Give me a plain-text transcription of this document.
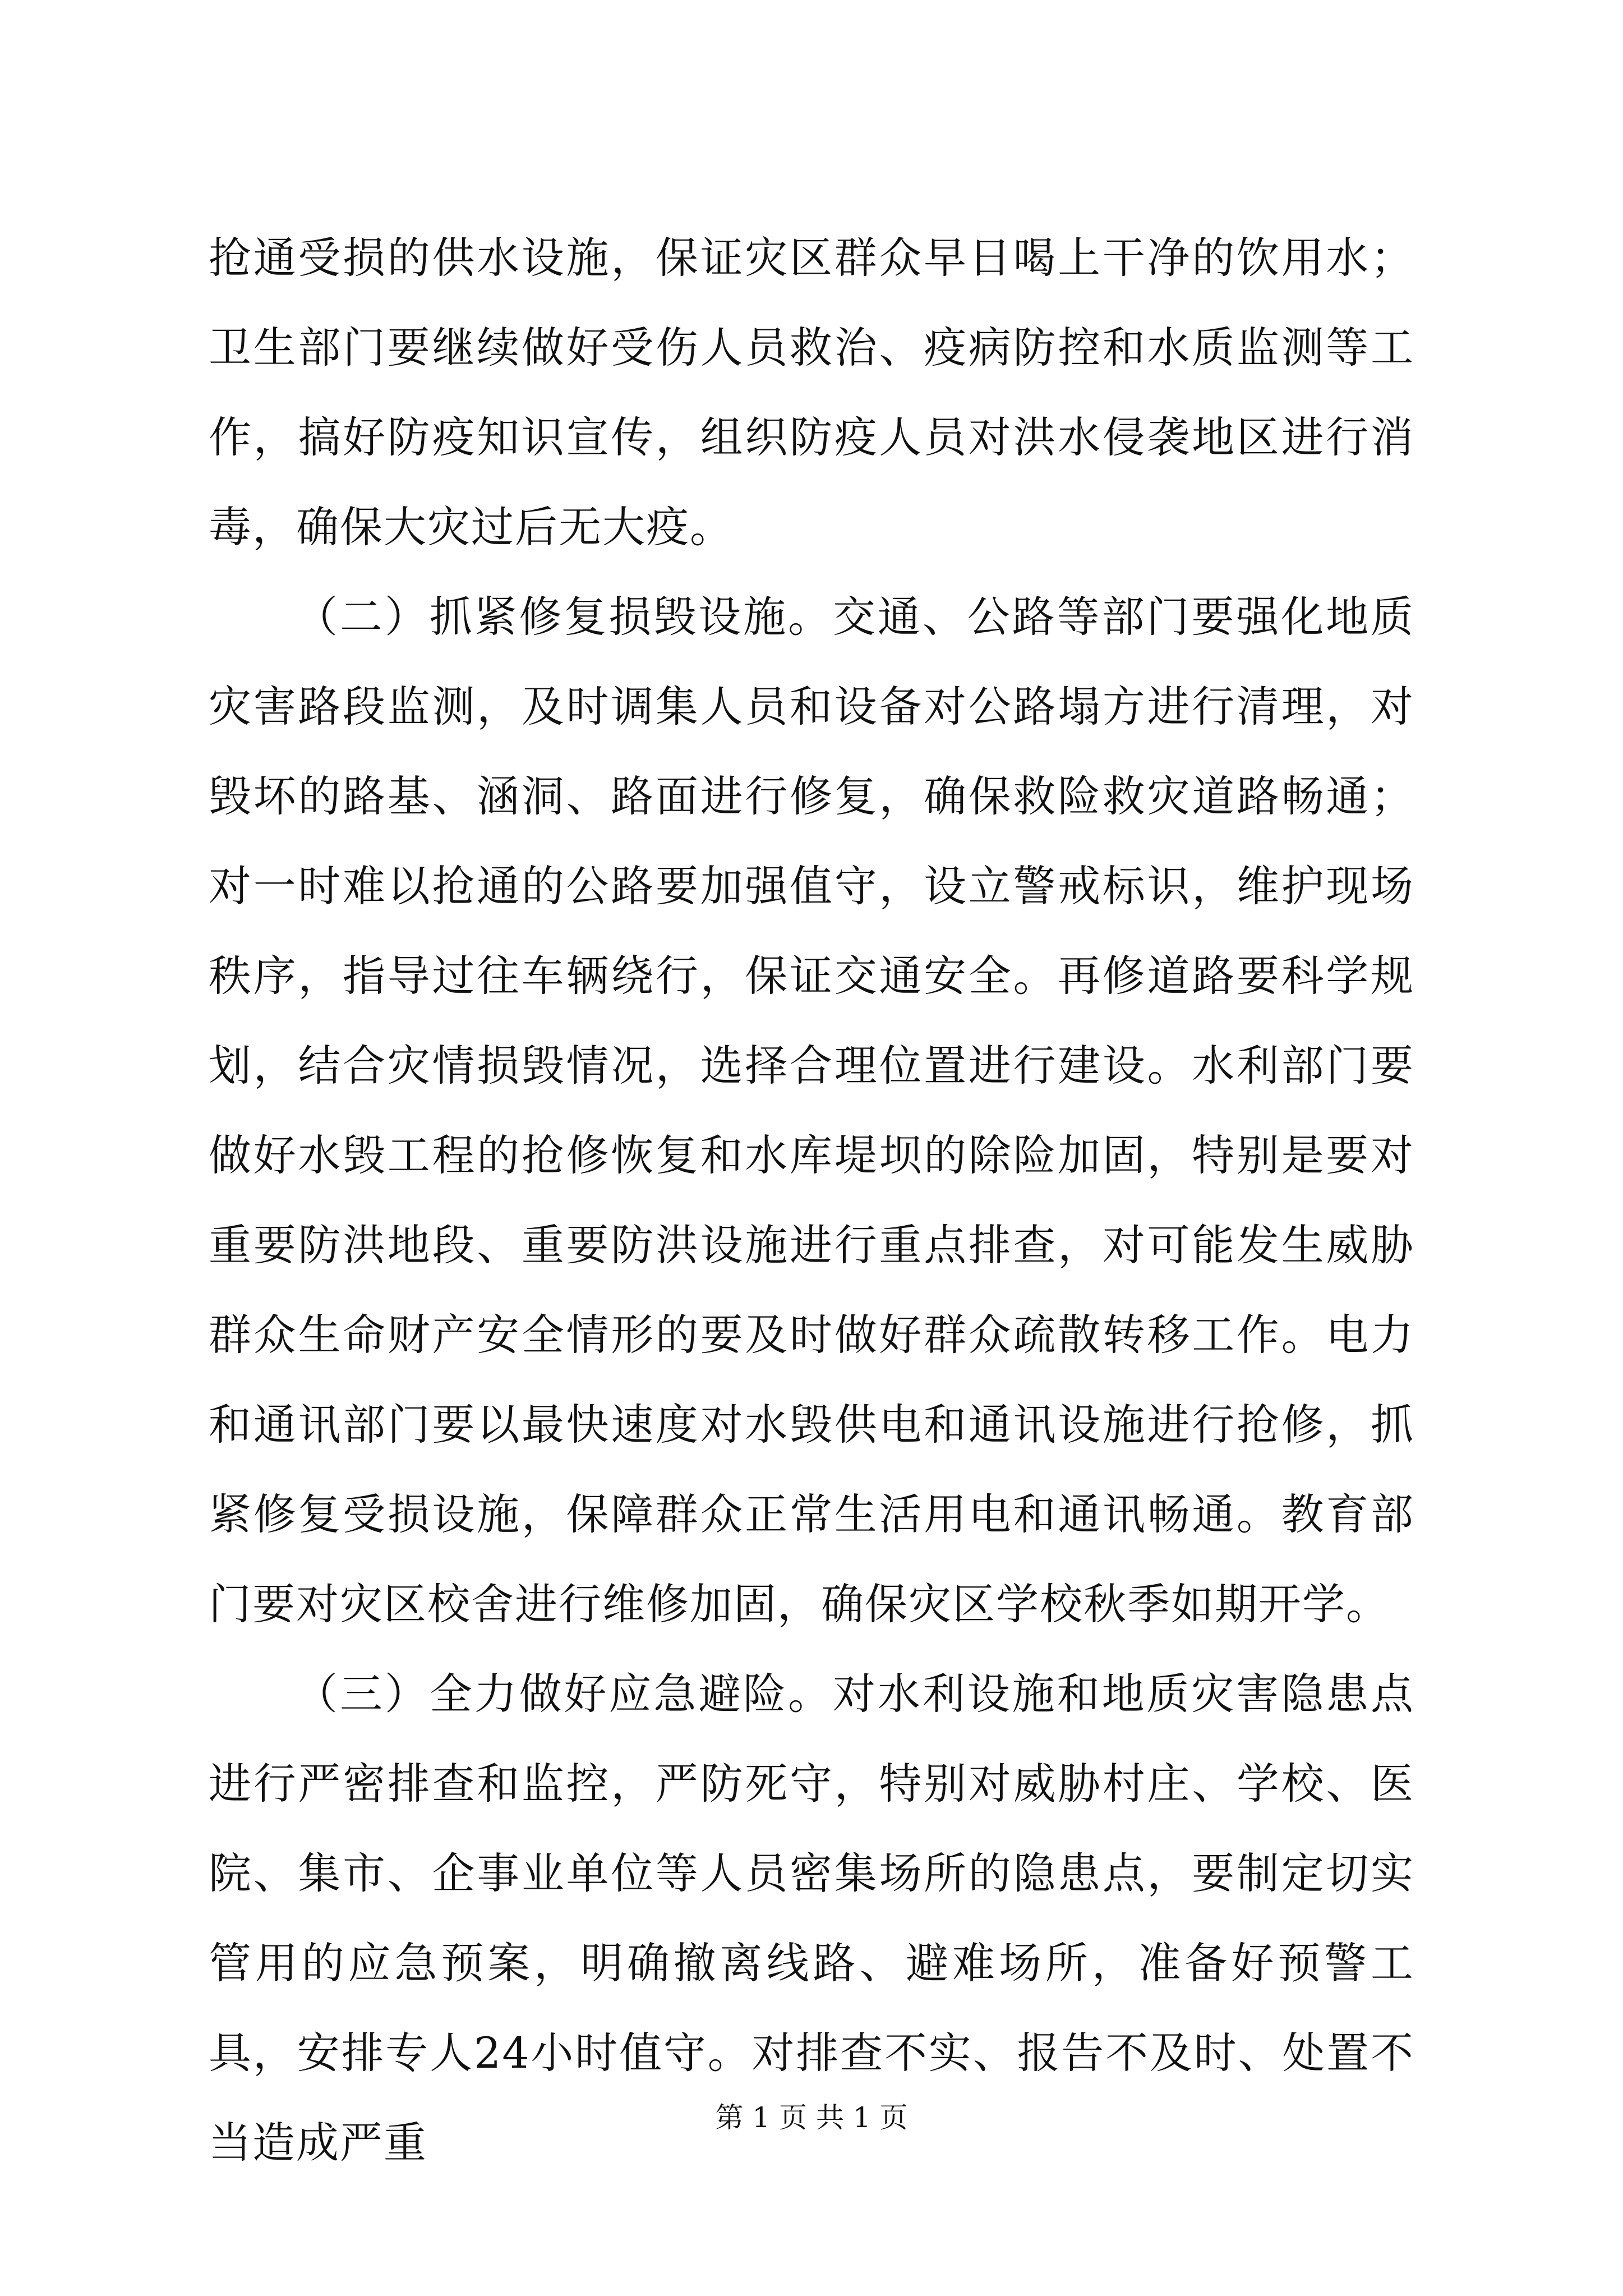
抢通受损的供水设施，保证灾区群众早日喝上干净的饮用水；卫生部门要继续做好受伤人员救治、疫病防控和水质监测等工作，搞好防疫知识宣传，组织防疫人员对洪水侵袭地区进行消毒，确保大灾过后无大疫。

（二）抓紧修复损毁设施。交通、公路等部门要强化地质灾害路段监测，及时调集人员和设备对公路塌方进行清理，对毁坏的路基、涵洞、路面进行修复，确保救险救灾道路畅通；对一时难以抢通的公路要加强值守，设立警戒标识，维护现场秩序，指导过往车辆绕行，保证交通安全。再修道路要科学规划，结合灾情损毁情况，选择合理位置进行建设。水利部门要做好水毁工程的抢修恢复和水库堤坝的除险加固，特别是要对重要防洪地段、重要防洪设施进行重点排查，对可能发生威胁群众生命财产安全情形的要及时做好群众疏散转移工作。电力和通讯部门要以最快速度对水毁供电和通讯设施进行抢修，抓紧修复受损设施，保障群众正常生活用电和通讯畅通。教育部门要对灾区校舍进行维修加固，确保灾区学校秋季如期开学。

（三）全力做好应急避险。对水利设施和地质灾害隐患点进行严密排查和监控，严防死守，特别对威胁村庄、学校、医院、集市、企事业单位等人员密集场所的隐患点，要制定切实管用的应急预案，明确撤离线路、避难场所，准备好预警工具，安排专人24小时值守。对排查不实、报告不及时、处置不当造成严重	第 1 页 共 1 页
